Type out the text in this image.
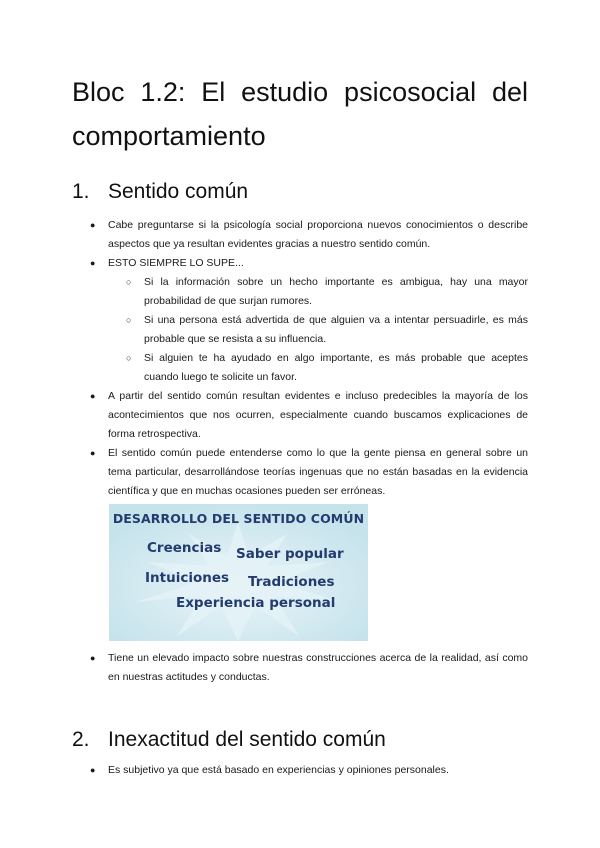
Bloc 1.2: El estudio psicosocial del comportamiento
1. Sentido común
●	Cabe preguntarse si la psicología social proporciona nuevos conocimientos o describe aspectos que ya resultan evidentes gracias a nuestro sentido común.
●	ESTO SIEMPRE LO SUPE...
○ Si la información sobre un hecho importante es ambigua, hay una mayor probabilidad de que surjan rumores.
○ Si una persona está advertida de que alguien va a intentar persuadirle, es más probable que se resista a su influencia.
○ Si alguien te ha ayudado en algo importante, es más probable que aceptes cuando luego te solicite un favor.
●	A partir del sentido común resultan evidentes e incluso predecibles la mayoría de los acontecimientos que nos ocurren, especialmente cuando buscamos explicaciones de forma retrospectiva.
●	El sentido común puede entenderse como lo que la gente piensa en general sobre un tema particular, desarrollándose teorías ingenuas que no están basadas en la evidencia científica y que en muchas ocasiones pueden ser erróneas.
DESARROLLO DEL SENTIDO COMÚN
Creencias Saber popular
Intuiciones Tradiciones
Experiencia personal
●	Tiene un elevado impacto sobre nuestras construcciones acerca de la realidad, así como en nuestras actitudes y conductas.
2. Inexactitud del sentido común
●	Es subjetivo ya que está basado en experiencias y opiniones personales.
